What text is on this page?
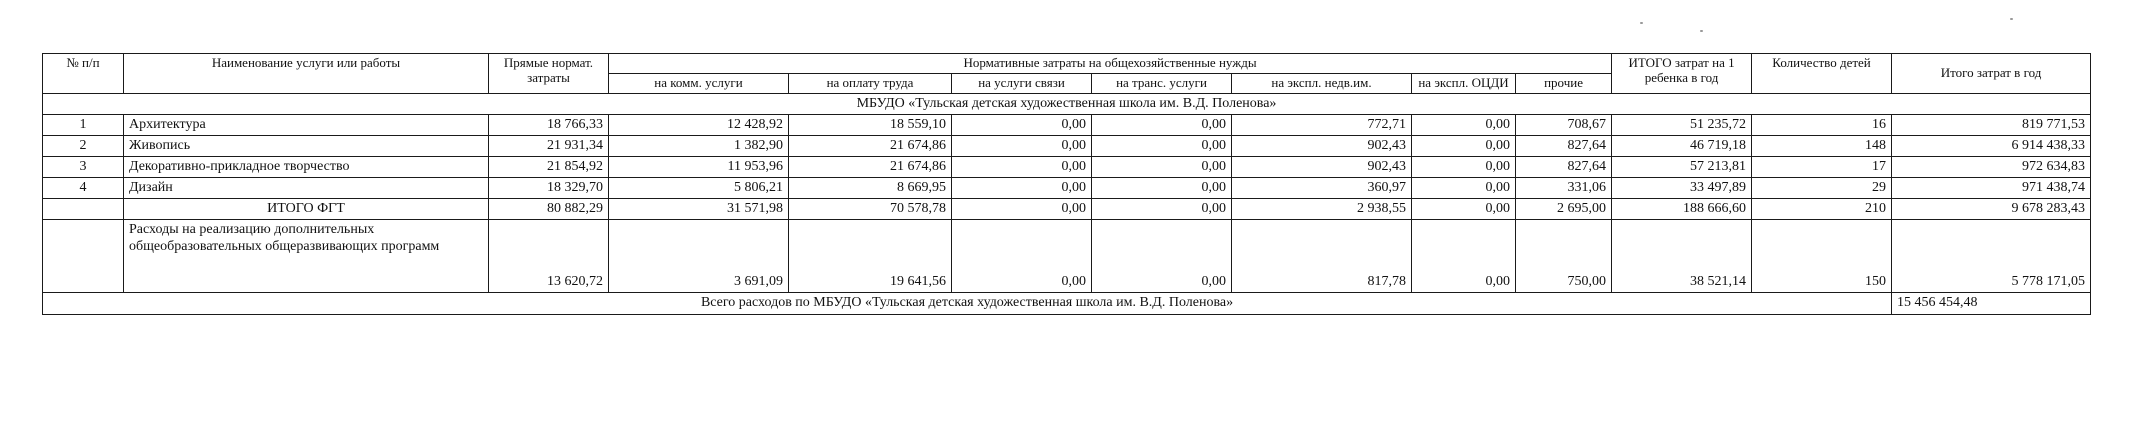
№ п/п	Наименование услуги или работы	Прямые нормат. затраты	Нормативные затраты на общехозяйственные нужды							ИТОГО затрат на 1 ребенка в год	Количество детей	Итого затрат в год
			на комм. услуги	на оплату труда	на услуги связи	на транс. услуги	на экспл. недв.им.	на экспл. ОЦДИ	прочие			
МБУДО «Тульская детская художественная школа им. В.Д. Поленова»												
1	Архитектура	18 766,33	12 428,92	18 559,10	0,00	0,00	772,71	0,00	708,67	51 235,72	16	819 771,53
2	Живопись	21 931,34	1 382,90	21 674,86	0,00	0,00	902,43	0,00	827,64	46 719,18	148	6 914 438,33
3	Декоративно-прикладное творчество	21 854,92	11 953,96	21 674,86	0,00	0,00	902,43	0,00	827,64	57 213,81	17	972 634,83
4	Дизайн	18 329,70	5 806,21	8 669,95	0,00	0,00	360,97	0,00	331,06	33 497,89	29	971 438,74
	ИТОГО ФГТ	80 882,29	31 571,98	70 578,78	0,00	0,00	2 938,55	0,00	2 695,00	188 666,60	210	9 678 283,43
	Расходы на реализацию дополнительных общеобразовательных общеразвивающих программ	13 620,72	3 691,09	19 641,56	0,00	0,00	817,78	0,00	750,00	38 521,14	150	5 778 171,05
Всего расходов по МБУДО «Тульская детская художественная школа им. В.Д. Поленова»												15 456 454,48
